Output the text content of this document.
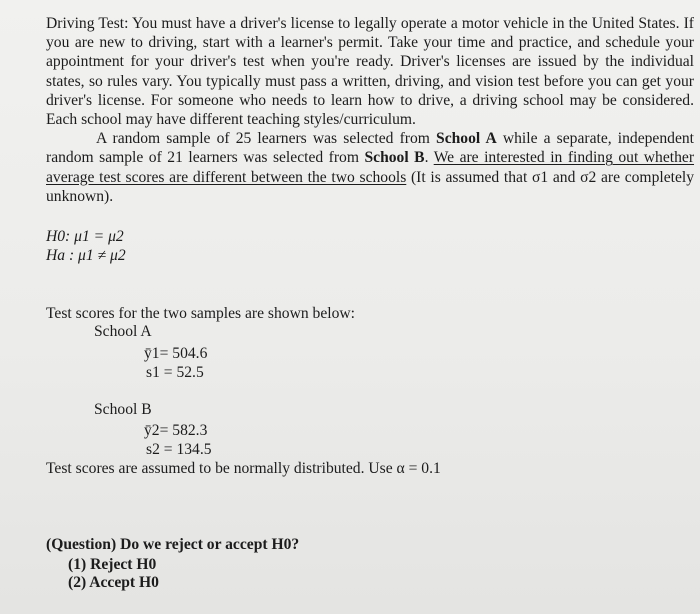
Driving Test: You must have a driver's license to legally operate a motor vehicle in the United States. If you are new to driving, start with a learner's permit. Take your time and practice, and schedule your appointment for your driver's test when you're ready. Driver's licenses are issued by the individual states, so rules vary. You typically must pass a written, driving, and vision test before you can get your driver's license. For someone who needs to learn how to drive, a driving school may be considered. Each school may have different teaching styles/curriculum.
A random sample of 25 learners was selected from School A while a separate, independent random sample of 21 learners was selected from School B. We are interested in finding out whether average test scores are different between the two schools (It is assumed that σ1 and σ2 are completely unknown).
H0: μ1 = μ2
Ha : μ1 ≠ μ2
Test scores for the two samples are shown below:
School A
ȳ1= 504.6
s1 = 52.5
School B
ȳ2= 582.3
s2 = 134.5
Test scores are assumed to be normally distributed. Use α = 0.1
(Question) Do we reject or accept H0?
(1) Reject H0
(2) Accept H0
